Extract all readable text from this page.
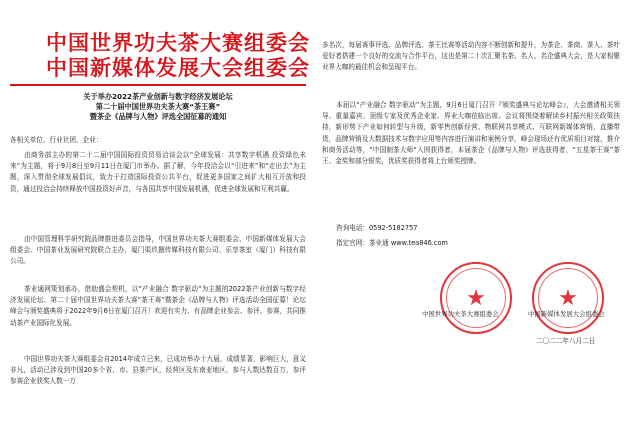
中国世界功夫茶大赛组委会
中国新媒体发展大会组委会
关于举办2022茶产业创新与数字经济发展论坛
第二十届中国世界功夫茶大赛“茶王赛”
暨茶企《品牌与人物》评选全国征募的通知
各相关单位、行业社团、企业：
由商务部主办的第二十二届中国国际投资贸易洽谈会以“全球发展：共享数字机遇 投资绿色未来”为主题，将于9月8日至9月11日在厦门市举办。据了解，今年投洽会以“引进来”和“走出去”为主题，深入贯彻全球发展倡议，致力于打造国际投资公共平台，促进更多国家之间扩大相互开放和投资，通过投洽会持续释放中国投资好声音，与各国共享中国发展机遇，促进全球发展和互利共赢。
由中国管理科学研究院品牌推进委员会指导，中国世界功夫茶大赛组委会、中国新媒体发展大会组委会、中国茶业发展研究院联合主办，厦门渠玖捌传媒科技有限公司、乐享茶室（厦门）科技有限公司。
茶业通网策划承办，借助盛会契机，以“产业融合 数字驱动”为主题的2022茶产业创新与数字经济发展论坛、第二十届中国世界功夫茶大赛“茶王赛”暨茶企《品牌与人物》评选活动全国征募！论坛峰会与颁奖盛典将于2022年9月6日在厦门召开！欢迎有实力、有品牌企业参会、参评、参赛，共同推动茶产业国际化发展。
中国世界功夫茶大赛组委会自2014年成立已来，已成功举办十九届，成绩显著，影响巨大，意义非凡，活动已涉及到中国20多个省、市、县茶产区，经营区及东南亚地区，参与人数达数百万，参评参赛企业获奖人数一万
多名次，每届赛事评选、品牌评选、茶王比赛等活动内容不断创新和提升，为茶企、茶商、茶人、茶叶爱好者搭建一个良好的交流与合作平台，这也是第二十次汇聚名茶、名人、名企盛典大会，是大家相聚业界大咖的最佳机会和呈现平台。
本届以“产业融合 数字驱动”为主题，9月6日厦门召开『颁奖盛典与论坛峰会』，大会邀请相关领导、重量嘉宾、顶级专家及优秀企业家、界业大咖莅临出席。会议将围绕着解读乡村振兴相关政策扶持，新形势下产业如何转型与升级，新零售创新经营、物联网共享模式、互联网新媒体营销，直播带货，品牌营销及大数据技术与数字应用等内容进行演讲和案例分享，峰会现场还有优质项目对接，推介和商务活动等，“中国制茶大师”入围获得者，本届茶企《品牌与人物》评选获得者，“五星茶王赛”茶王、金奖和部分银奖，优质奖获得者将上台颁奖授牌。
咨询电话：0592-5182757
指定官网：茶业通 www.tea846.com
★	★
中国世界功夫茶大赛组委会	中国新媒体发展大会组委会
二〇二二年八月二日
